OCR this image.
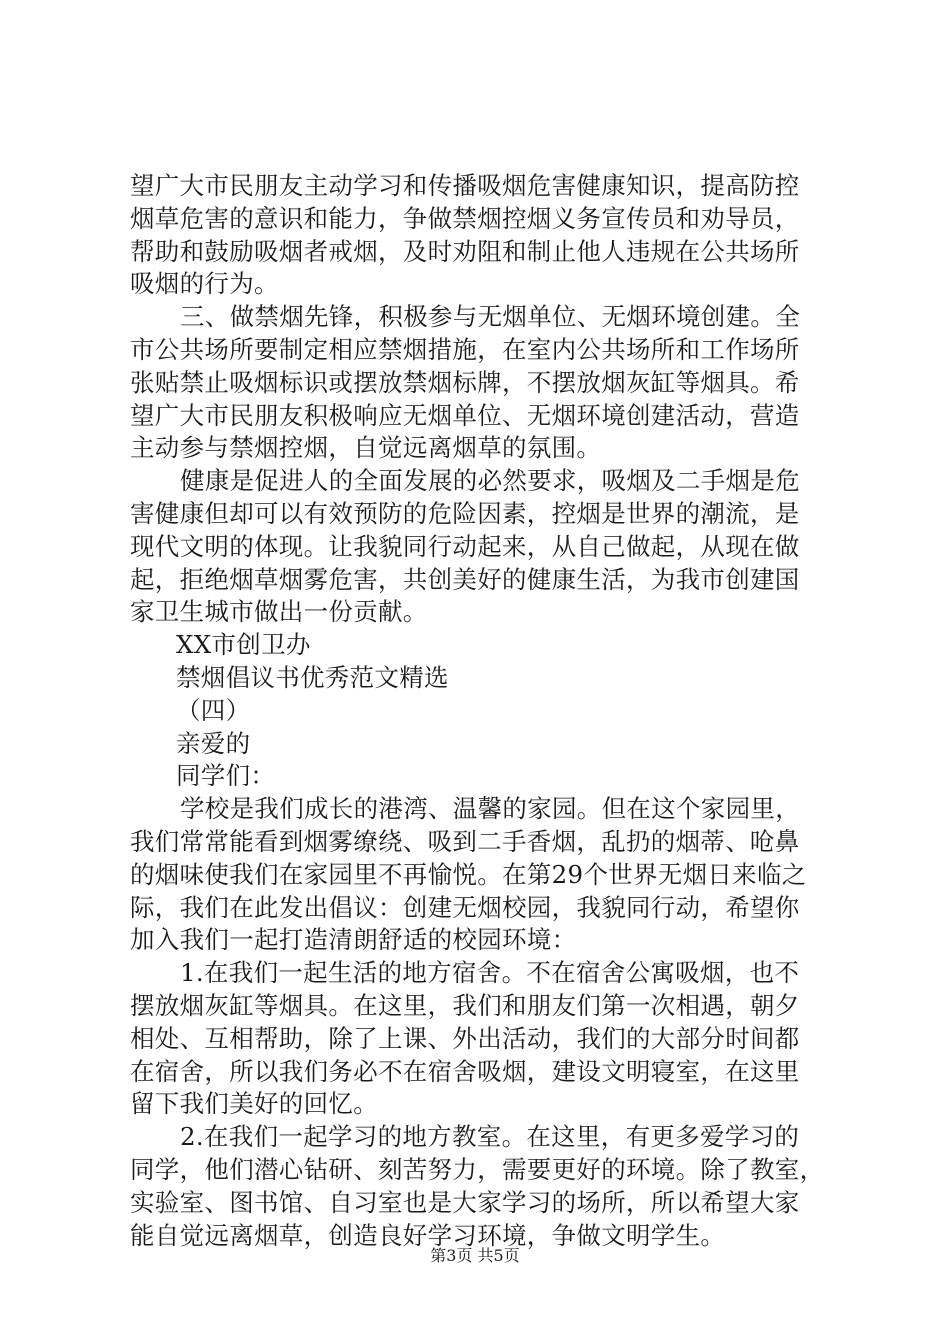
望广大市民朋友主动学习和传播吸烟危害健康知识，提高防控
烟草危害的意识和能力，争做禁烟控烟义务宣传员和劝导员，
帮助和鼓励吸烟者戒烟，及时劝阻和制止他人违规在公共场所
吸烟的行为。
三、做禁烟先锋，积极参与无烟单位、无烟环境创建。全
市公共场所要制定相应禁烟措施，在室内公共场所和工作场所
张贴禁止吸烟标识或摆放禁烟标牌，不摆放烟灰缸等烟具。希
望广大市民朋友积极响应无烟单位、无烟环境创建活动，营造
主动参与禁烟控烟，自觉远离烟草的氛围。
健康是促进人的全面发展的必然要求，吸烟及二手烟是危
害健康但却可以有效预防的危险因素，控烟是世界的潮流，是
现代文明的体现。让我貌同行动起来，从自己做起，从现在做
起，拒绝烟草烟雾危害，共创美好的健康生活，为我市创建国
家卫生城市做出一份贡献。
XX市创卫办
禁烟倡议书优秀范文精选
（四）
亲爱的
同学们：
学校是我们成长的港湾、温馨的家园。但在这个家园里，
我们常常能看到烟雾缭绕、吸到二手香烟，乱扔的烟蒂、呛鼻
的烟味使我们在家园里不再愉悦。在第29个世界无烟日来临之
际，我们在此发出倡议：创建无烟校园，我貌同行动，希望你
加入我们一起打造清朗舒适的校园环境：
1.在我们一起生活的地方宿舍。不在宿舍公寓吸烟，也不
摆放烟灰缸等烟具。在这里，我们和朋友们第一次相遇，朝夕
相处、互相帮助，除了上课、外出活动，我们的大部分时间都
在宿舍，所以我们务必不在宿舍吸烟，建设文明寝室，在这里
留下我们美好的回忆。
2.在我们一起学习的地方教室。在这里，有更多爱学习的
同学，他们潜心钻研、刻苦努力，需要更好的环境。除了教室，
实验室、图书馆、自习室也是大家学习的场所，所以希望大家
能自觉远离烟草，创造良好学习环境，争做文明学生。
第3页 共5页
